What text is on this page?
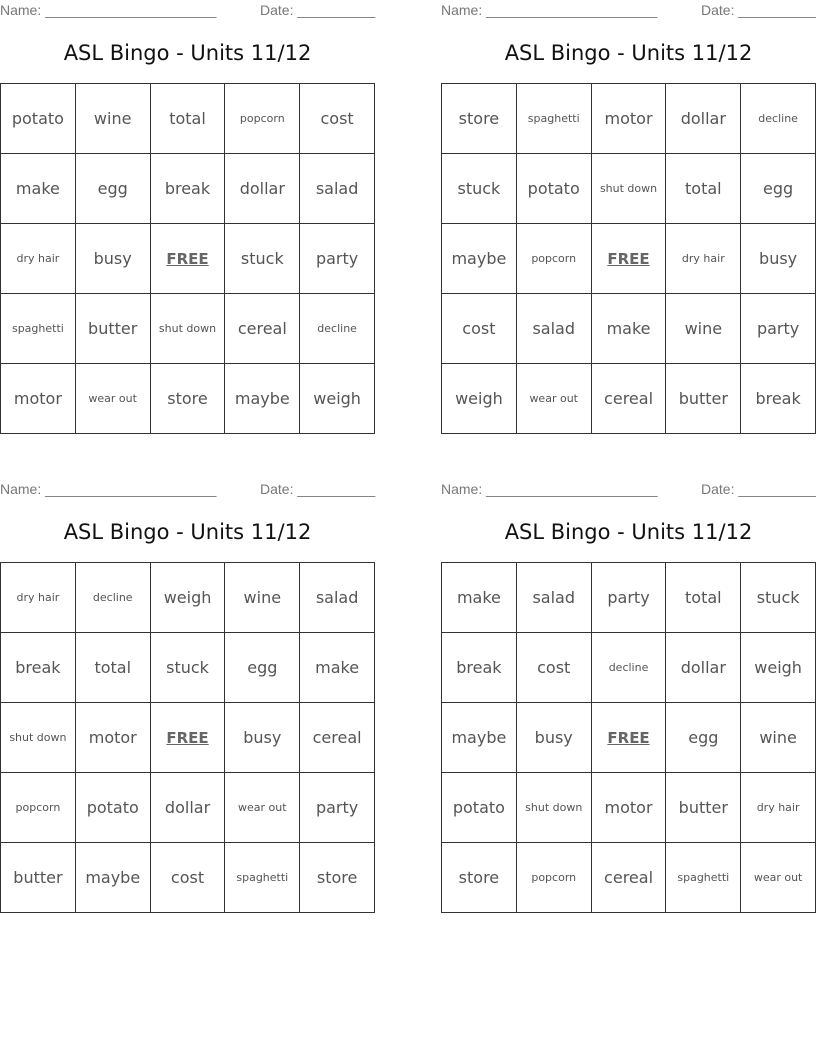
Name: ______________________	Date: __________
ASL Bingo - Units 11/12
potato	wine	total	popcorn	cost
make	egg	break	dollar	salad
dry hair	busy	FREE	stuck	party
spaghetti	butter	shut down	cereal	decline
motor	wear out	store	maybe	weigh
Name: ______________________	Date: __________
ASL Bingo - Units 11/12
store	spaghetti	motor	dollar	decline
stuck	potato	shut down	total	egg
maybe	popcorn	FREE	dry hair	busy
cost	salad	make	wine	party
weigh	wear out	cereal	butter	break
Name: ______________________	Date: __________
ASL Bingo - Units 11/12
dry hair	decline	weigh	wine	salad
break	total	stuck	egg	make
shut down	motor	FREE	busy	cereal
popcorn	potato	dollar	wear out	party
butter	maybe	cost	spaghetti	store
Name: ______________________	Date: __________
ASL Bingo - Units 11/12
make	salad	party	total	stuck
break	cost	decline	dollar	weigh
maybe	busy	FREE	egg	wine
potato	shut down	motor	butter	dry hair
store	popcorn	cereal	spaghetti	wear out
